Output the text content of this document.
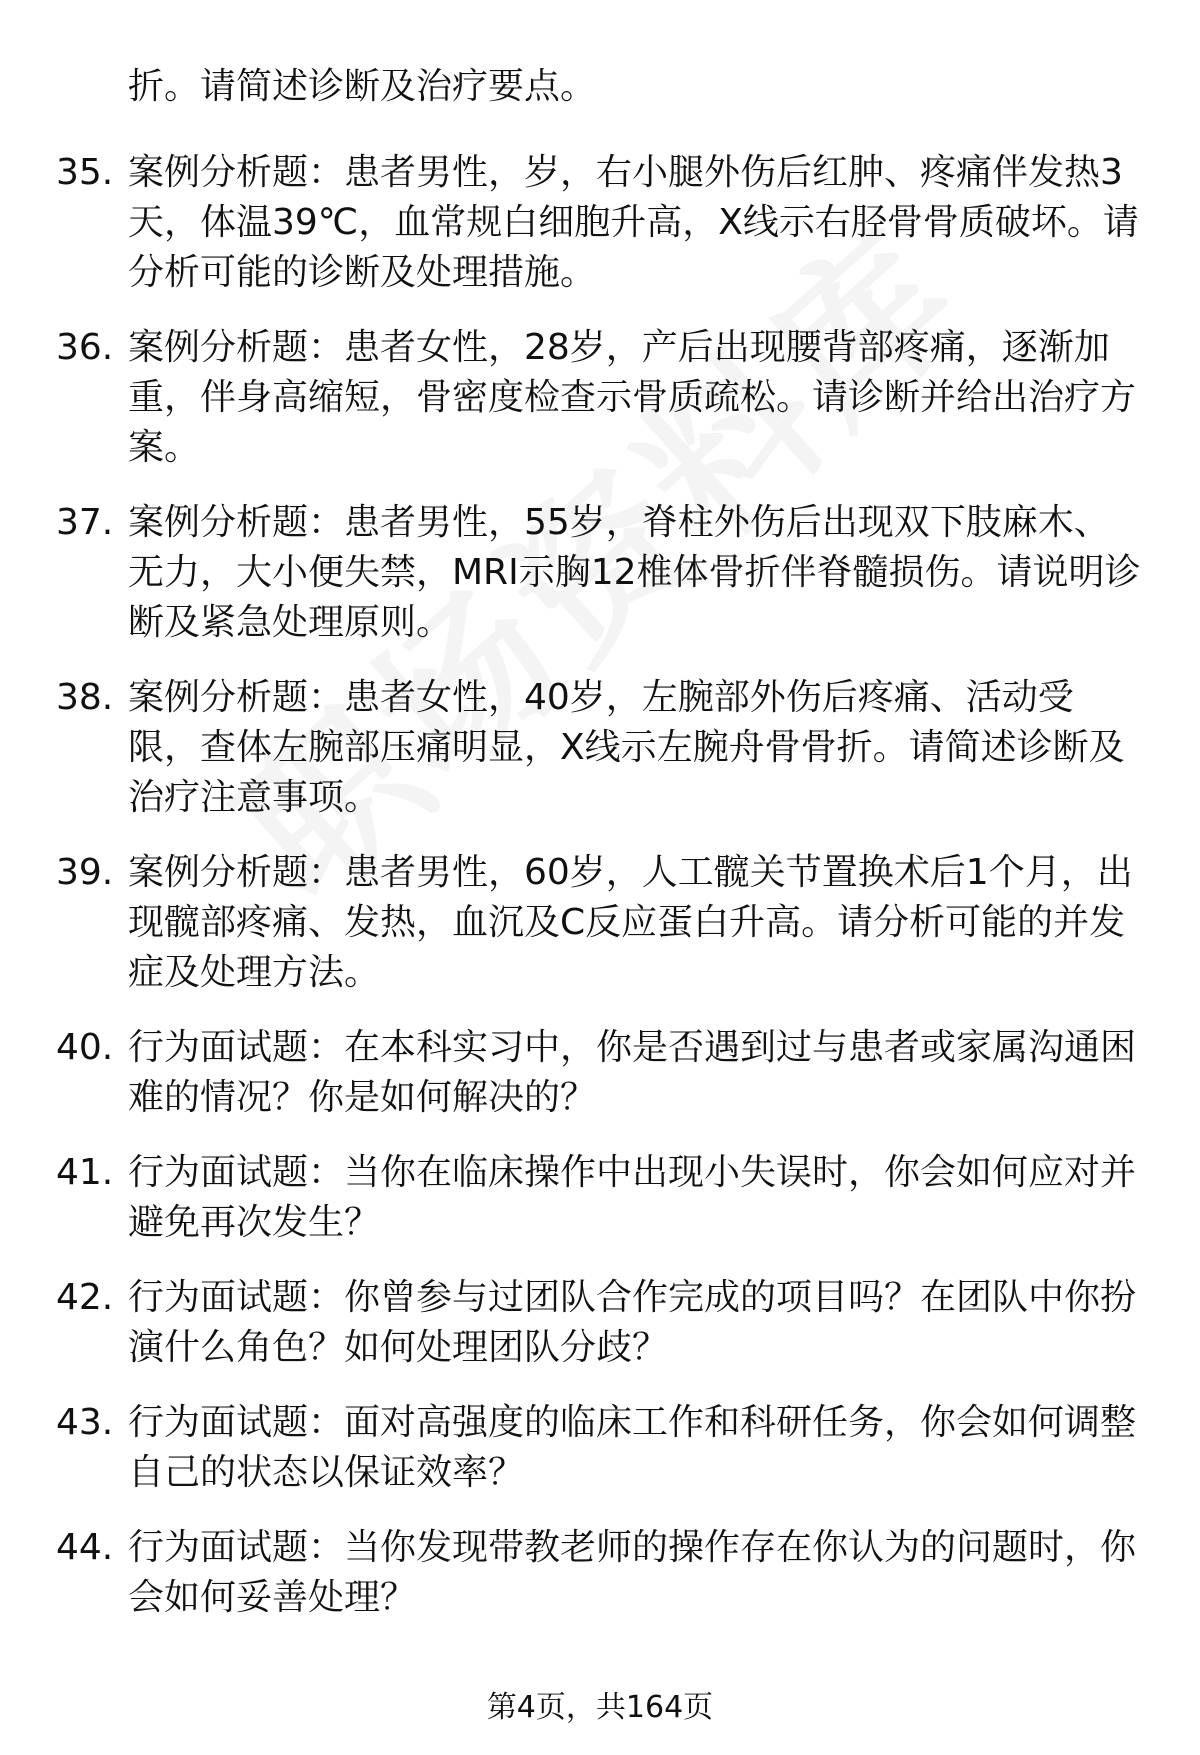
折。请简述诊断及治疗要点。
35. 案例分析题：患者男性，岁，右小腿外伤后红肿、疼痛伴发热3天，体温39℃，血常规白细胞升高，X线示右胫骨骨质破坏。请分析可能的诊断及处理措施。
36. 案例分析题：患者女性，28岁，产后出现腰背部疼痛，逐渐加重，伴身高缩短，骨密度检查示骨质疏松。请诊断并给出治疗方案。
37. 案例分析题：患者男性，55岁，脊柱外伤后出现双下肢麻木、无力，大小便失禁，MRI示胸12椎体骨折伴脊髓损伤。请说明诊断及紧急处理原则。
38. 案例分析题：患者女性，40岁，左腕部外伤后疼痛、活动受限，查体左腕部压痛明显，X线示左腕舟骨骨折。请简述诊断及治疗注意事项。
39. 案例分析题：患者男性，60岁，人工髋关节置换术后1个月，出现髋部疼痛、发热，血沉及C反应蛋白升高。请分析可能的并发症及处理方法。
40. 行为面试题：在本科实习中，你是否遇到过与患者或家属沟通困难的情况？你是如何解决的？
41. 行为面试题：当你在临床操作中出现小失误时，你会如何应对并避免再次发生？
42. 行为面试题：你曾参与过团队合作完成的项目吗？在团队中你扮演什么角色？如何处理团队分歧？
43. 行为面试题：面对高强度的临床工作和科研任务，你会如何调整自己的状态以保证效率？
44. 行为面试题：当你发现带教老师的操作存在你认为的问题时，你会如何妥善处理？
第4页，共164页
